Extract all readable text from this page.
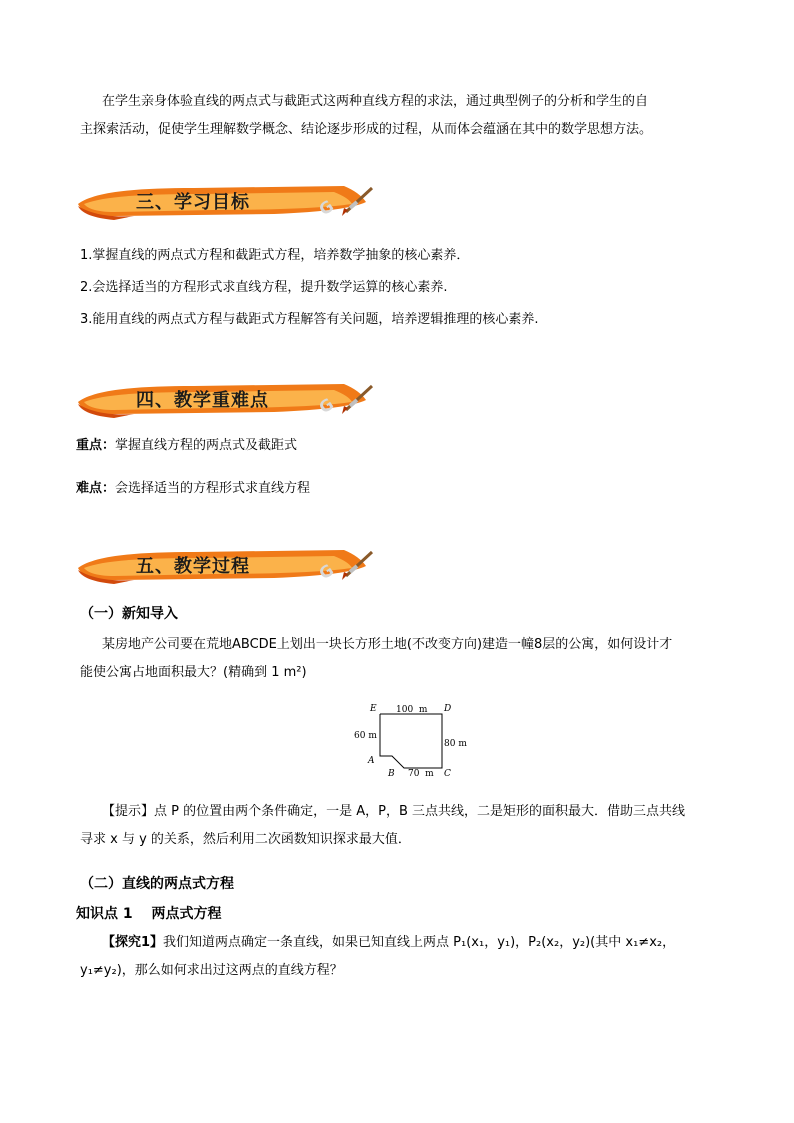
在学生亲身体验直线的两点式与截距式这两种直线方程的求法，通过典型例子的分析和学生的自
主探索活动，促使学生理解数学概念、结论逐步形成的过程，从而体会蕴涵在其中的数学思想方法。
G
三、学习目标
1.掌握直线的两点式方程和截距式方程，培养数学抽象的核心素养．
2.会选择适当的方程形式求直线方程，提升数学运算的核心素养.
3.能用直线的两点式方程与截距式方程解答有关问题，培养逻辑推理的核心素养.
G
四、教学重难点
重点：掌握直线方程的两点式及截距式
难点：会选择适当的方程形式求直线方程
G
五、教学过程
（一）新知导入
某房地产公司要在荒地ABCDE上划出一块长方形土地(不改变方向)建造一幢8层的公寓，如何设计才
能使公寓占地面积最大？(精确到 1 m²)
E	D
A
B	C
100  m
60 m
80 m
70  m
【提示】点 P 的位置由两个条件确定，一是 A，P，B 三点共线，二是矩形的面积最大．借助三点共线
寻求 x 与 y 的关系，然后利用二次函数知识探求最大值．
（二）直线的两点式方程
知识点 1　 两点式方程
【探究1】我们知道两点确定一条直线，如果已知直线上两点 P₁(x₁，y₁)，P₂(x₂，y₂)(其中 x₁≠x₂，
y₁≠y₂)，那么如何求出过这两点的直线方程？
